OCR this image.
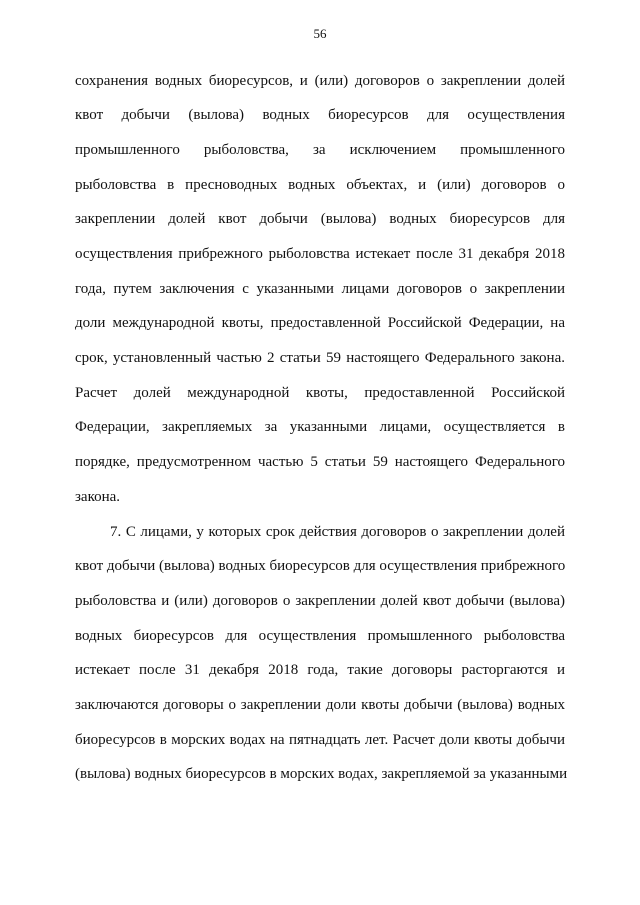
56
сохранения водных биоресурсов, и (или) договоров о закреплении долей
квот добычи (вылова) водных биоресурсов для осуществления
промышленного рыболовства, за исключением промышленного
рыболовства в пресноводных водных объектах, и (или) договоров о
закреплении долей квот добычи (вылова) водных биоресурсов для
осуществления прибрежного рыболовства истекает после 31 декабря 2018
года, путем заключения с указанными лицами договоров о закреплении
доли международной квоты, предоставленной Российской Федерации, на
срок, установленный частью 2 статьи 59 настоящего Федерального закона.
Расчет долей международной квоты, предоставленной Российской
Федерации, закрепляемых за указанными лицами, осуществляется в
порядке, предусмотренном частью 5 статьи 59 настоящего Федерального
закона.
7. С лицами, у которых срок действия договоров о закреплении долей
квот добычи (вылова) водных биоресурсов для осуществления прибрежного
рыболовства и (или) договоров о закреплении долей квот добычи (вылова)
водных биоресурсов для осуществления промышленного рыболовства
истекает после 31 декабря 2018 года, такие договоры расторгаются и
заключаются договоры о закреплении доли квоты добычи (вылова) водных
биоресурсов в морских водах на пятнадцать лет. Расчет доли квоты добычи
(вылова) водных биоресурсов в морских водах, закрепляемой за указанными
